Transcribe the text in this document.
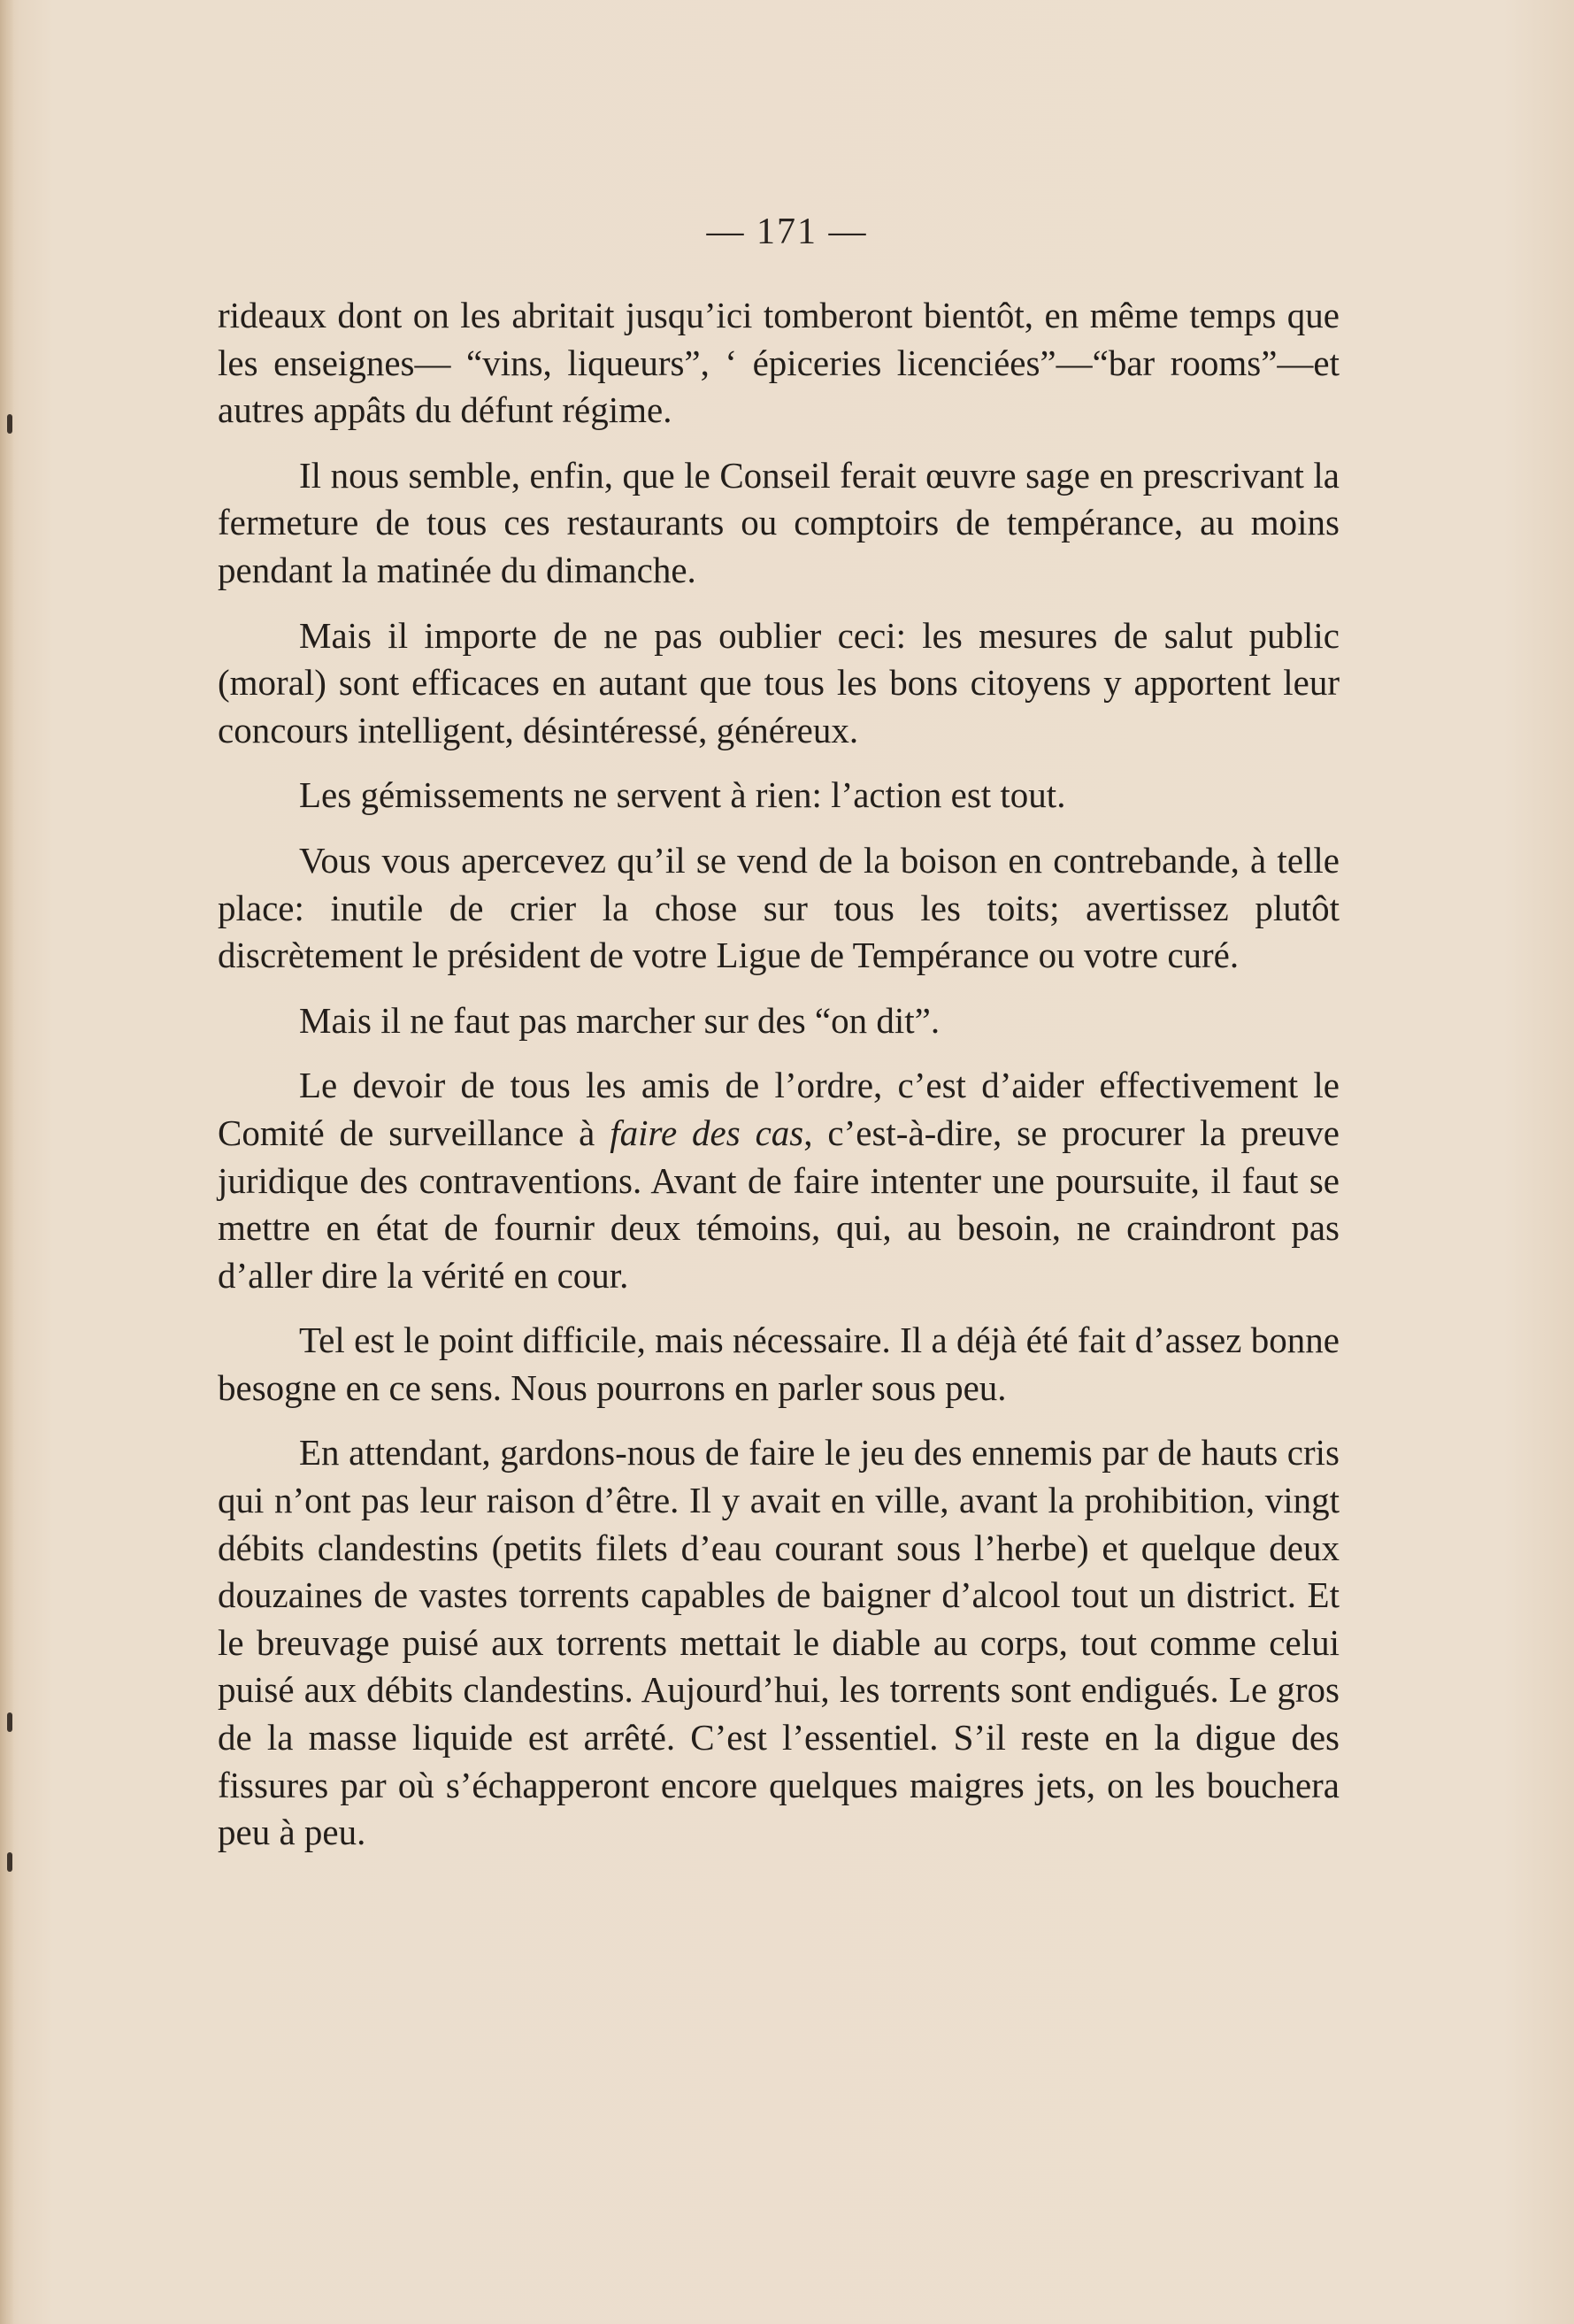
— 171 —

rideaux dont on les abritait jusqu’ici tomberont bientôt, en même temps que les enseignes— “vins, liqueurs”, ‘ épiceries licenciées”—“bar rooms”—et autres appâts du défunt régime.

Il nous semble, enfin, que le Conseil ferait œuvre sage en prescrivant la fermeture de tous ces restaurants ou comptoirs de tempérance, au moins pendant la matinée du dimanche.

Mais il importe de ne pas oublier ceci: les mesures de salut public (moral) sont efficaces en autant que tous les bons citoyens y apportent leur concours intelligent, désintéressé, généreux.

Les gémissements ne servent à rien: l’action est tout.

Vous vous apercevez qu’il se vend de la boison en contrebande, à telle place: inutile de crier la chose sur tous les toits; avertissez plutôt discrètement le président de votre Ligue de Tempérance ou votre curé.

Mais il ne faut pas marcher sur des “on dit”.

Le devoir de tous les amis de l’ordre, c’est d’aider effectivement le Comité de surveillance à faire des cas, c’est-à-dire, se procurer la preuve juridique des contraventions. Avant de faire intenter une poursuite, il faut se mettre en état de fournir deux témoins, qui, au besoin, ne craindront pas d’aller dire la vérité en cour.

Tel est le point difficile, mais nécessaire. Il a déjà été fait d’assez bonne besogne en ce sens. Nous pourrons en parler sous peu.

En attendant, gardons-nous de faire le jeu des ennemis par de hauts cris qui n’ont pas leur raison d’être. Il y avait en ville, avant la prohibition, vingt débits clandestins (petits filets d’eau courant sous l’herbe) et quelque deux douzaines de vastes torrents capables de baigner d’alcool tout un district. Et le breuvage puisé aux torrents mettait le diable au corps, tout comme celui puisé aux débits clandestins. Aujourd’hui, les torrents sont endigués. Le gros de la masse liquide est arrêté. C’est l’essentiel. S’il reste en la digue des fissures par où s’échapperont encore quelques maigres jets, on les bouchera peu à peu.
